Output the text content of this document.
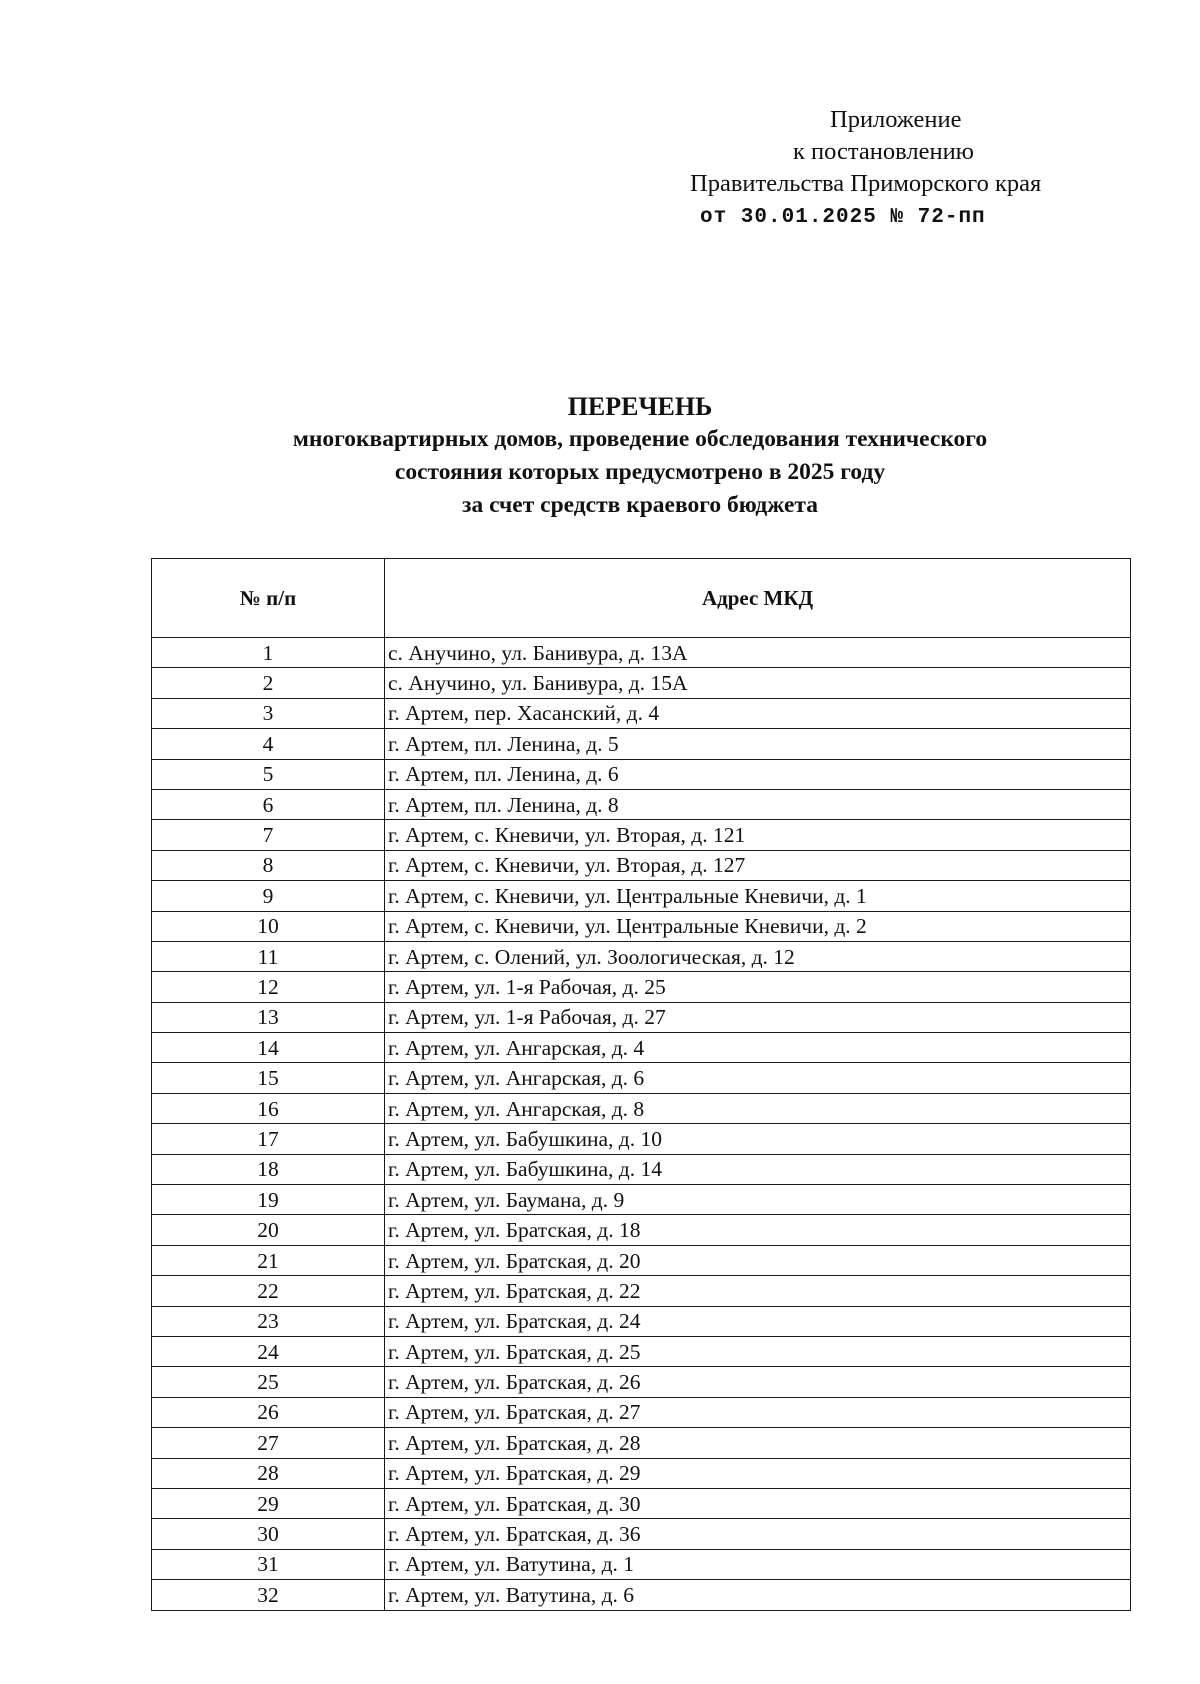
Приложение
к постановлению
Правительства Приморского края
от 30.01.2025 № 72-пп
ПЕРЕЧЕНЬ
многоквартирных домов, проведение обследования технического
состояния которых предусмотрено в 2025 году
за счет средств краевого бюджета
№ п/п	Адрес МКД
1	с. Анучино, ул. Банивура, д. 13А
2	с. Анучино, ул. Банивура, д. 15А
3	г. Артем, пер. Хасанский, д. 4
4	г. Артем, пл. Ленина, д. 5
5	г. Артем, пл. Ленина, д. 6
6	г. Артем, пл. Ленина, д. 8
7	г. Артем, с. Кневичи, ул. Вторая, д. 121
8	г. Артем, с. Кневичи, ул. Вторая, д. 127
9	г. Артем, с. Кневичи, ул. Центральные Кневичи, д. 1
10	г. Артем, с. Кневичи, ул. Центральные Кневичи, д. 2
11	г. Артем, с. Олений, ул. Зоологическая, д. 12
12	г. Артем, ул. 1-я Рабочая, д. 25
13	г. Артем, ул. 1-я Рабочая, д. 27
14	г. Артем, ул. Ангарская, д. 4
15	г. Артем, ул. Ангарская, д. 6
16	г. Артем, ул. Ангарская, д. 8
17	г. Артем, ул. Бабушкина, д. 10
18	г. Артем, ул. Бабушкина, д. 14
19	г. Артем, ул. Баумана, д. 9
20	г. Артем, ул. Братская, д. 18
21	г. Артем, ул. Братская, д. 20
22	г. Артем, ул. Братская, д. 22
23	г. Артем, ул. Братская, д. 24
24	г. Артем, ул. Братская, д. 25
25	г. Артем, ул. Братская, д. 26
26	г. Артем, ул. Братская, д. 27
27	г. Артем, ул. Братская, д. 28
28	г. Артем, ул. Братская, д. 29
29	г. Артем, ул. Братская, д. 30
30	г. Артем, ул. Братская, д. 36
31	г. Артем, ул. Ватутина, д. 1
32	г. Артем, ул. Ватутина, д. 6
